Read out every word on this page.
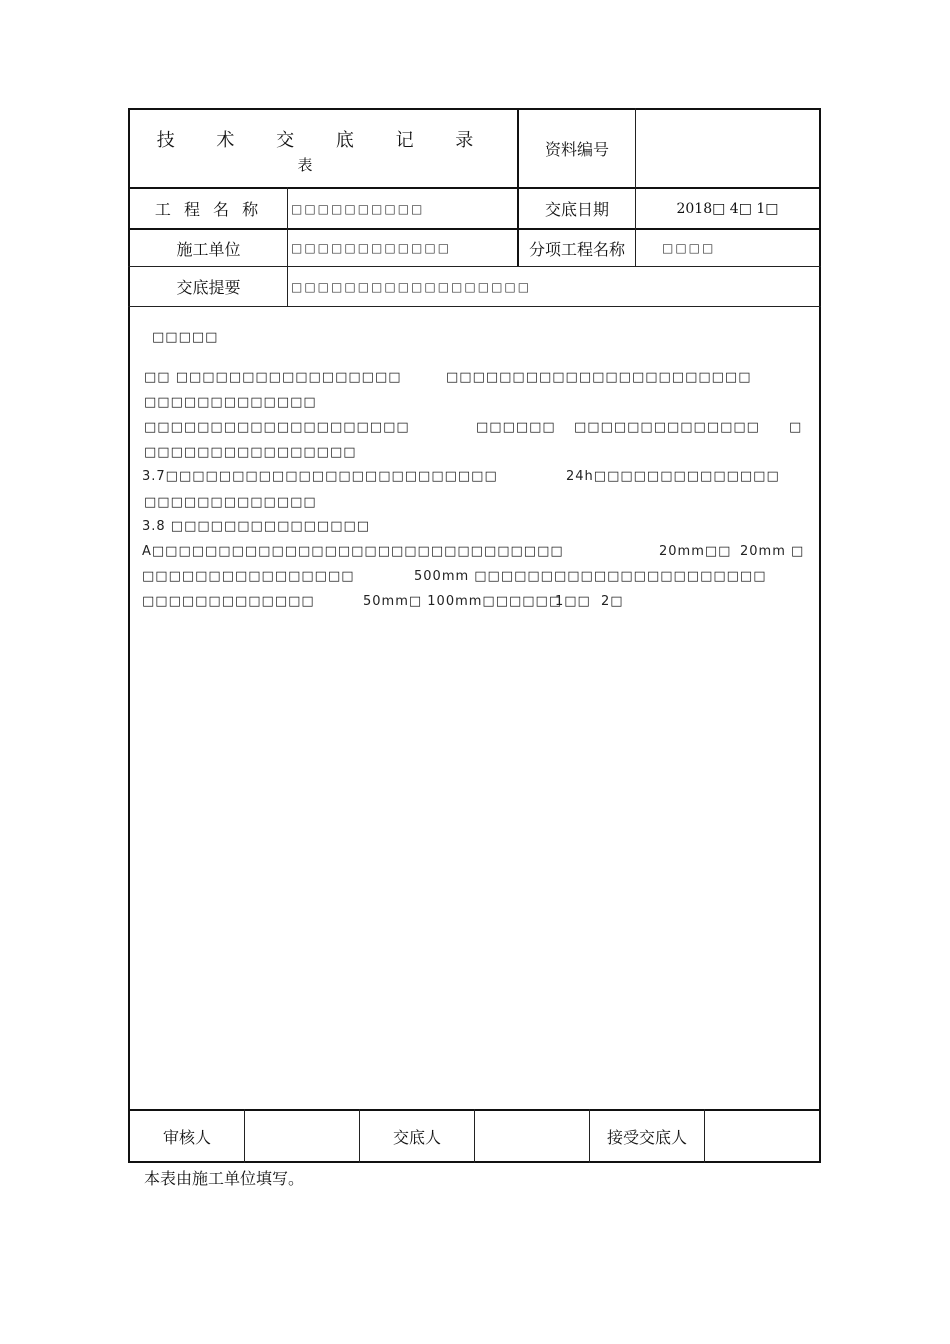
技 术 交 底 记 录
表
资料编号
工 程 名 称	□□□□□□□□□□	交底日期	2018□ 4□ 1□
施工单位	□□□□□□□□□□□□	分项工程名称	□□□□
交底提要	□□□□□□□□□□□□□□□□□□
□□□□□
□□ □□□□□□□□□□□□□□□□□	□□□□□□□□□□□□□□□□□□□□□□□
□□□□□□□□□□□□□
□□□□□□□□□□□□□□□□□□□□	□□□□□□ □□□□□□□□□□□□□□ □
□□□□□□□□□□□□□□□□
3.7□□□□□□□□□□□□□□□□□□□□□□□□□	24h□□□□□□□□□□□□□□
□□□□□□□□□□□□□
3.8 □□□□□□□□□□□□□□□
A□□□□□□□□□□□□□□□□□□□□□□□□□□□□□□□	20mm□□ 20mm □
□□□□□□□□□□□□□□□□	500mm □□□□□□□□□□□□□□□□□□□□□□
□□□□□□□□□□□□□	50mm□ 100mm□□□□□□
1□□ 2□
审核人	交底人	接受交底人
本表由施工单位填写。
